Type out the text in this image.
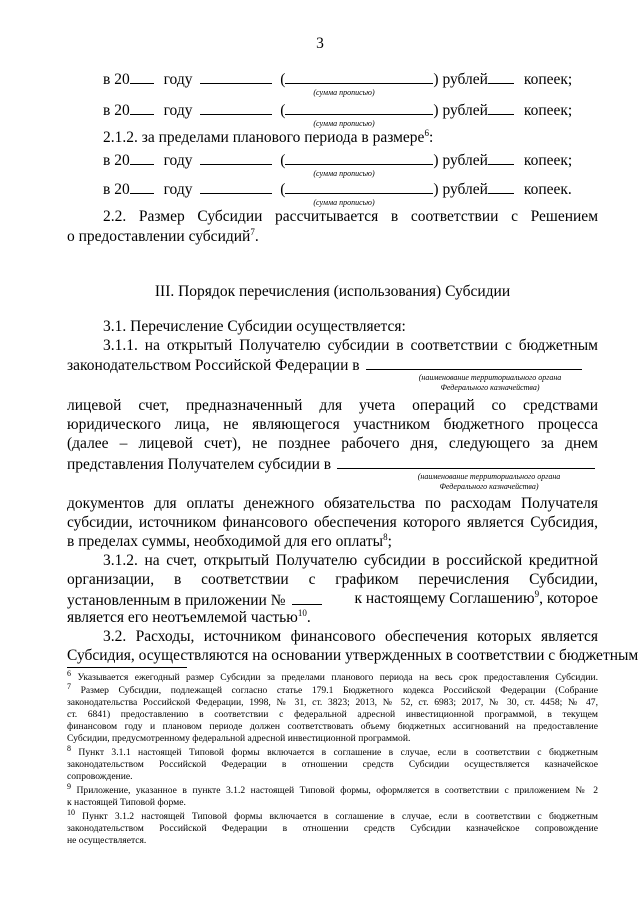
3
в 20 году	(	) рублей копеек;
(сумма прописью)
в 20 году	(	) рублей копеек;
(сумма прописью)
2.1.2. за пределами планового периода в размере$^6$:
в 20 году	(	) рублей копеек;
(сумма прописью)
в 20 году	(	) рублей копеек.
(сумма прописью)
2.2. Размер Субсидии рассчитывается в соответствии с Решением
о предоставлении субсидий$^7$.
III. Порядок перечисления (использования) Субсидии
3.1. Перечисление Субсидии осуществляется:
3.1.1. на открытый Получателю субсидии в соответствии с бюджетным
законодательством Российской Федерации в
(наименование территориального органа
Федерального казначейства)
лицевой счет, предназначенный для учета операций со средствами
юридического лица, не являющегося участником бюджетного процесса
(далее – лицевой счет), не позднее рабочего дня, следующего за днем
представления Получателем субсидии в
(наименование территориального органа
Федерального казначейства)
документов для оплаты денежного обязательства по расходам Получателя
субсидии, источником финансового обеспечения которого является Субсидия,
в пределах суммы, необходимой для его оплаты$^8$;
3.1.2. на счет, открытый Получателю субсидии в российской кредитной
организации, в соответствии с графиком перечисления Субсидии,
установленным в приложении №	к настоящему Соглашению$^9$, которое
является его неотъемлемой частью$^{10}$.
3.2. Расходы, источником финансового обеспечения которых является
Субсидия, осуществляются на основании утвержденных в соответствии с бюджетным
$^6$ Указывается ежегодный размер Субсидии за пределами планового периода на весь срок предоставления Субсидии.
$^7$ Размер Субсидии, подлежащей согласно статье 179.1 Бюджетного кодекса Российской Федерации (Собрание
законодательства Российской Федерации, 1998, № 31, ст. 3823; 2013, № 52, ст. 6983; 2017, № 30, ст. 4458; № 47,
ст. 6841) предоставлению в соответствии с федеральной адресной инвестиционной программой, в текущем
финансовом году и плановом периоде должен соответствовать объему бюджетных ассигнований на предоставление
Субсидии, предусмотренному федеральной адресной инвестиционной программой.
$^8$ Пункт 3.1.1 настоящей Типовой формы включается в соглашение в случае, если в соответствии с бюджетным
законодательством Российской Федерации в отношении средств Субсидии осуществляется казначейское
сопровождение.
$^9$ Приложение, указанное в пункте 3.1.2 настоящей Типовой формы, оформляется в соответствии с приложением № 2
к настоящей Типовой форме.
$^{10}$ Пункт 3.1.2 настоящей Типовой формы включается в соглашение в случае, если в соответствии с бюджетным
законодательством Российской Федерации в отношении средств Субсидии казначейское сопровождение
не осуществляется.
